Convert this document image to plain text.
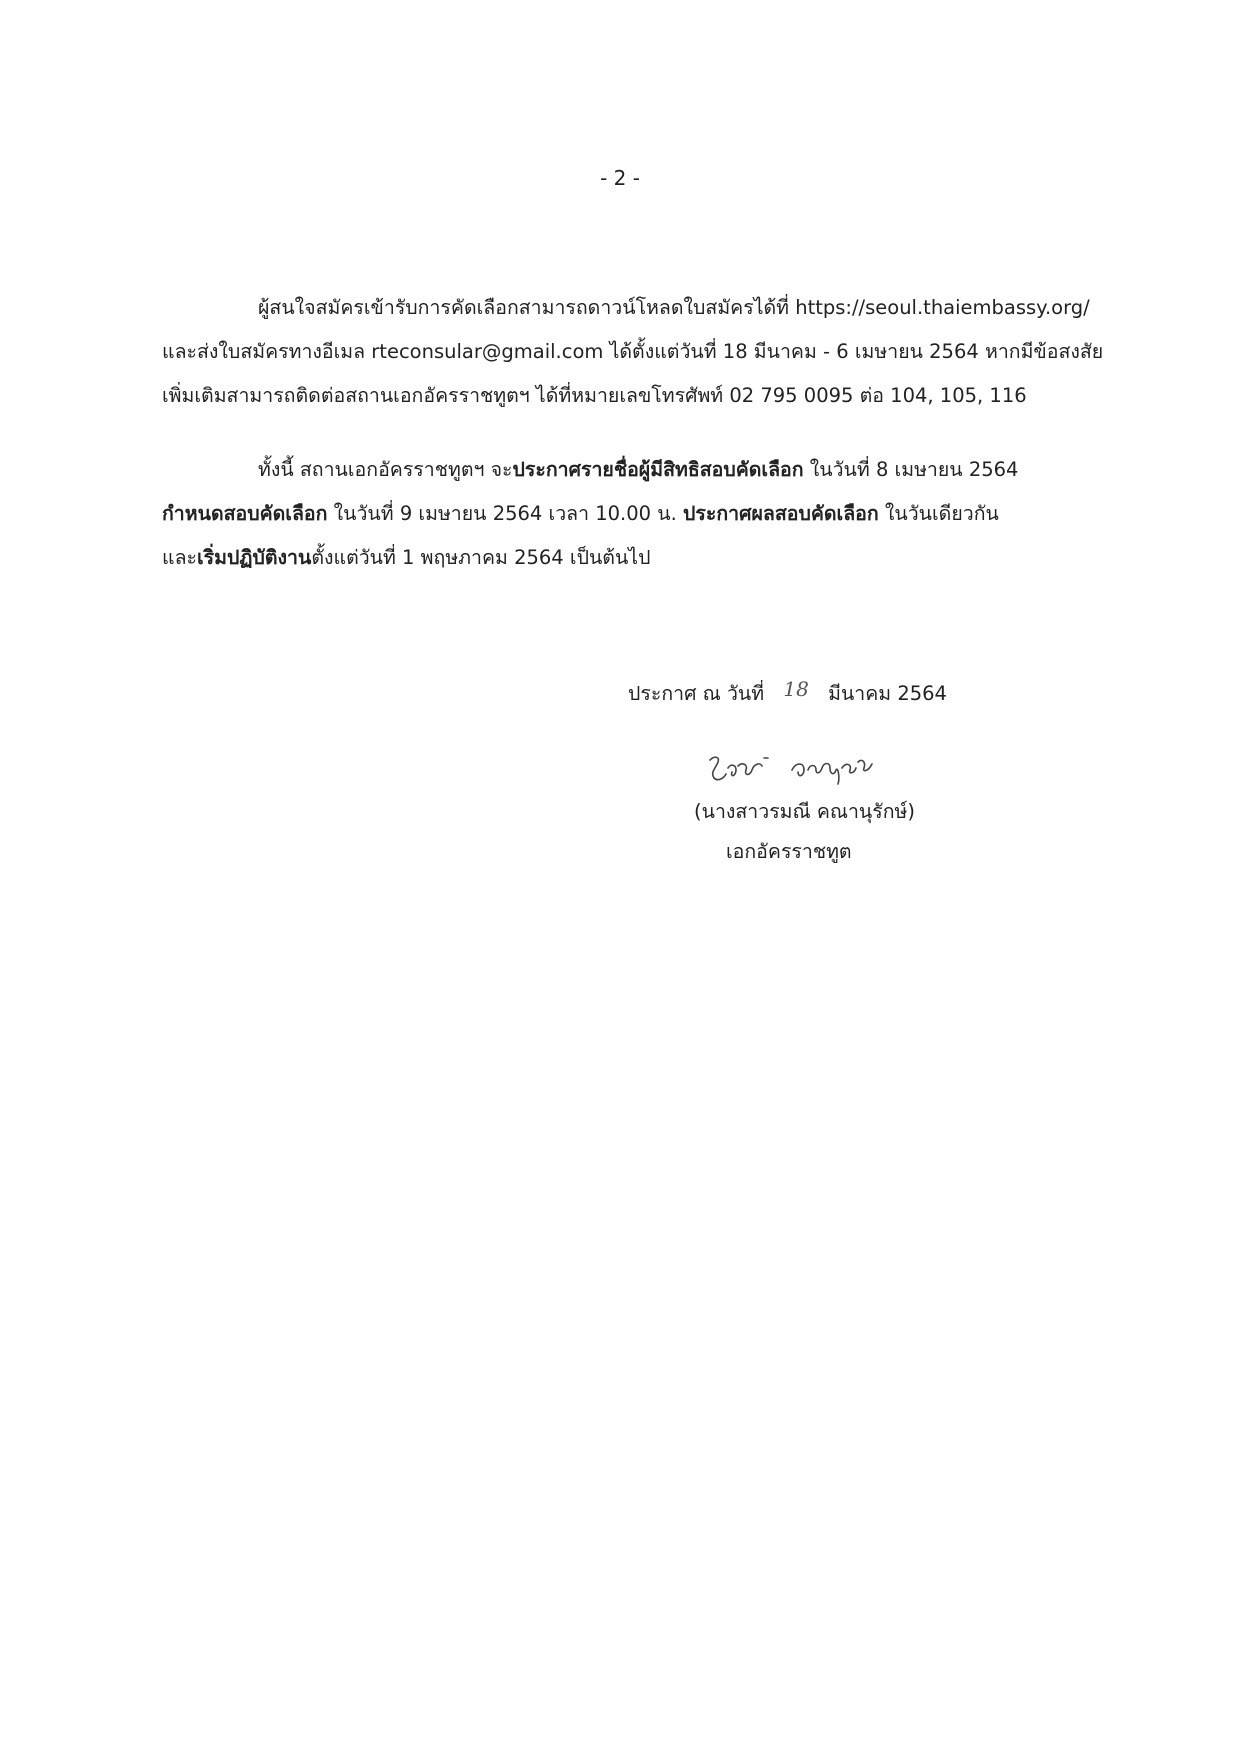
- 2 -

ผู้สนใจสมัครเข้ารับการคัดเลือกสามารถดาวน์โหลดใบสมัครได้ที่ https://seoul.thaiembassy.org/
และส่งใบสมัครทางอีเมล rteconsular@gmail.com ได้ตั้งแต่วันที่ 18 มีนาคม - 6 เมษายน 2564 หากมีข้อสงสัย
เพิ่มเติมสามารถติดต่อสถานเอกอัครราชทูตฯ ได้ที่หมายเลขโทรศัพท์ 02 795 0095 ต่อ 104, 105, 116

ทั้งนี้ สถานเอกอัครราชทูตฯ จะประกาศรายชื่อผู้มีสิทธิสอบคัดเลือก ในวันที่ 8 เมษายน 2564
กำหนดสอบคัดเลือก ในวันที่ 9 เมษายน 2564 เวลา 10.00 น. ประกาศผลสอบคัดเลือก ในวันเดียวกัน
และเริ่มปฏิบัติงานตั้งแต่วันที่ 1 พฤษภาคม 2564 เป็นต้นไป

ประกาศ ณ วันที่ 18 มีนาคม 2564
(นางสาวรมณี คณานุรักษ์)
เอกอัครราชทูต
